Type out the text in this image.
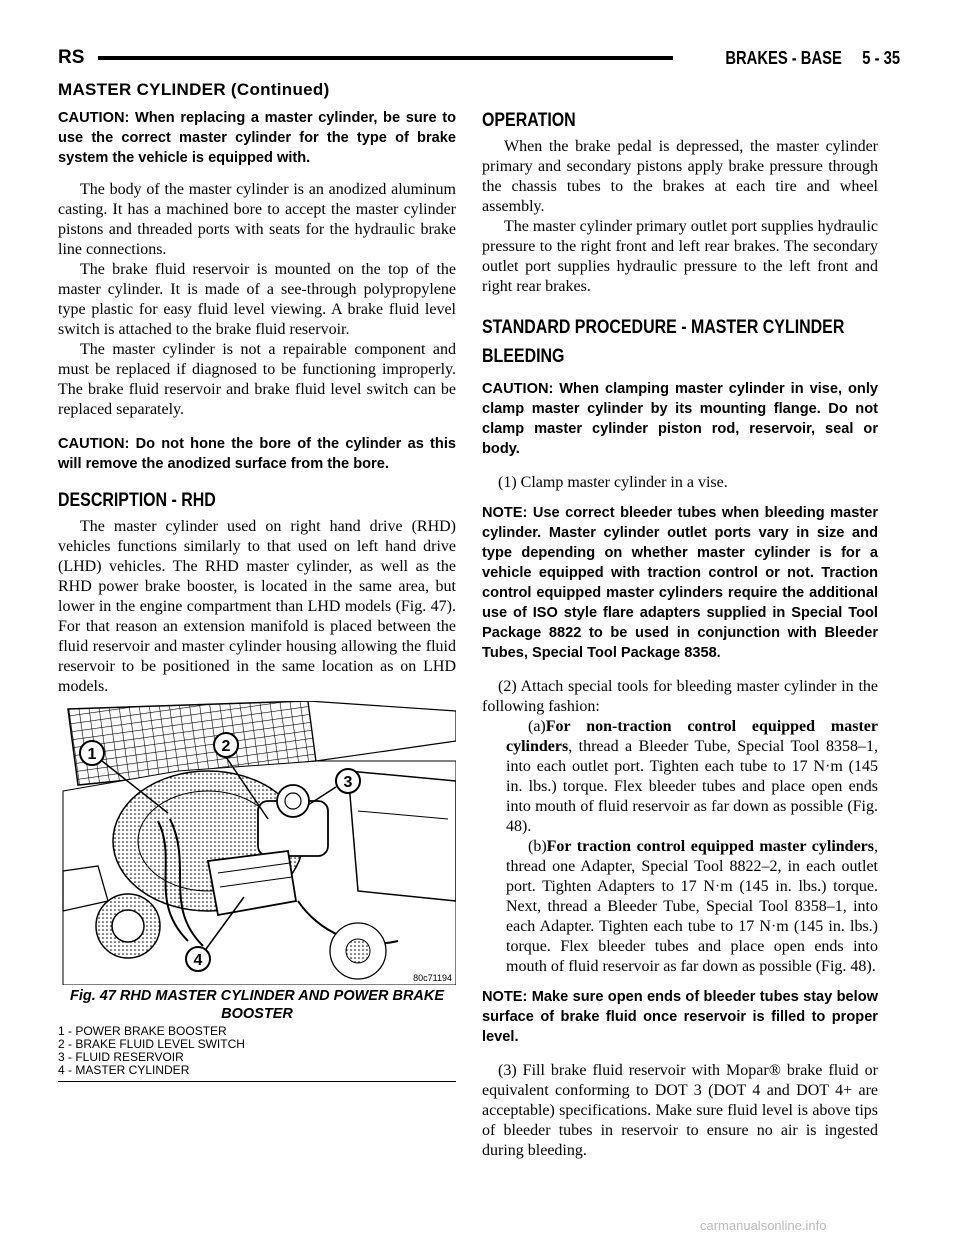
RS	BRAKES - BASE     5 - 35
MASTER CYLINDER (Continued)

CAUTION: When replacing a master cylinder, be sure to use the correct master cylinder for the type of brake system the vehicle is equipped with.

The body of the master cylinder is an anodized aluminum casting. It has a machined bore to accept the master cylinder pistons and threaded ports with seats for the hydraulic brake line connections.

The brake fluid reservoir is mounted on the top of the master cylinder. It is made of a see-through polypropylene type plastic for easy fluid level viewing. A brake fluid level switch is attached to the brake fluid reservoir.

The master cylinder is not a repairable component and must be replaced if diagnosed to be functioning improperly. The brake fluid reservoir and brake fluid level switch can be replaced separately.

CAUTION: Do not hone the bore of the cylinder as this will remove the anodized surface from the bore.

DESCRIPTION - RHD

The master cylinder used on right hand drive (RHD) vehicles functions similarly to that used on left hand drive (LHD) vehicles. The RHD master cylinder, as well as the RHD power brake booster, is located in the same area, but lower in the engine compartment than LHD models (Fig. 47). For that reason an extension manifold is placed between the fluid reservoir and master cylinder housing allowing the fluid reservoir to be positioned in the same location as on LHD models.

1	2
3
4
80c71194
Fig. 47 RHD MASTER CYLINDER AND POWER BRAKE BOOSTER
1 - POWER BRAKE BOOSTER
2 - BRAKE FLUID LEVEL SWITCH
3 - FLUID RESERVOIR
4 - MASTER CYLINDER
OPERATION

When the brake pedal is depressed, the master cylinder primary and secondary pistons apply brake pressure through the chassis tubes to the brakes at each tire and wheel assembly.

The master cylinder primary outlet port supplies hydraulic pressure to the right front and left rear brakes. The secondary outlet port supplies hydraulic pressure to the left front and right rear brakes.

STANDARD PROCEDURE - MASTER CYLINDER
BLEEDING

CAUTION: When clamping master cylinder in vise, only clamp master cylinder by its mounting flange. Do not clamp master cylinder piston rod, reservoir, seal or body.

(1) Clamp master cylinder in a vise.

NOTE: Use correct bleeder tubes when bleeding master cylinder. Master cylinder outlet ports vary in size and type depending on whether master cylinder is for a vehicle equipped with traction control or not. Traction control equipped master cylinders require the additional use of ISO style flare adapters supplied in Special Tool Package 8822 to be used in conjunction with Bleeder Tubes, Special Tool Package 8358.

(2) Attach special tools for bleeding master cylinder in the following fashion:

(a)For non-traction control equipped master cylinders, thread a Bleeder Tube, Special Tool 8358–1, into each outlet port. Tighten each tube to 17 N·m (145 in. lbs.) torque. Flex bleeder tubes and place open ends into mouth of fluid reservoir as far down as possible (Fig. 48).

(b)For traction control equipped master cylinders, thread one Adapter, Special Tool 8822–2, in each outlet port. Tighten Adapters to 17 N·m (145 in. lbs.) torque. Next, thread a Bleeder Tube, Special Tool 8358–1, into each Adapter. Tighten each tube to 17 N·m (145 in. lbs.) torque. Flex bleeder tubes and place open ends into mouth of fluid reservoir as far down as possible (Fig. 48).

NOTE: Make sure open ends of bleeder tubes stay below surface of brake fluid once reservoir is filled to proper level.

(3) Fill brake fluid reservoir with Mopar® brake fluid or equivalent conforming to DOT 3 (DOT 4 and DOT 4+ are acceptable) specifications. Make sure fluid level is above tips of bleeder tubes in reservoir to ensure no air is ingested during bleeding.

carmanualsonline.info
